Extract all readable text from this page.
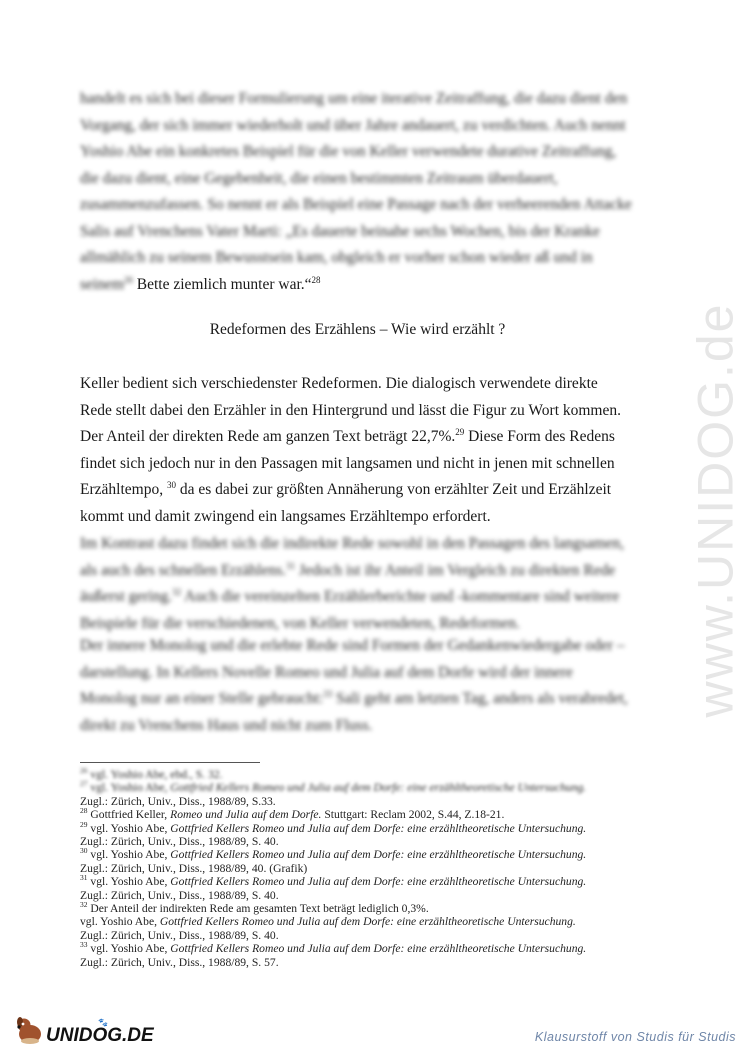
handelt es sich bei dieser Formulierung um eine iterative Zeitraffung, die dazu dient den Vorgang, der sich immer wiederholt und über Jahre andauert, zu verdichten. Auch nennt Yoshio Abe ein konkretes Beispiel für die von Keller verwendete durative Zeitraffung, die dazu dient, eine Gegebenheit, die einen bestimmten Zeitraum überdauert, zusammenzufassen. So nennt er als Beispiel eine Passage nach der verheerenden Attacke Salis auf Vrenchens Vater Marti: „Es dauerte beinahe sechs Wochen, bis der Kranke allmählich zu seinem Bewusstsein kam, obgleich er vorher schon wieder aß und in seinem$^{26}$ Bette ziemlich munter war.“$^{28}$
Redeformen des Erzählens – Wie wird erzählt ?
Keller bedient sich verschiedenster Redeformen. Die dialogisch verwendete direkte Rede stellt dabei den Erzähler in den Hintergrund und lässt die Figur zu Wort kommen. Der Anteil der direkten Rede am ganzen Text beträgt 22,7%.$^{29}$ Diese Form des Redens findet sich jedoch nur in den Passagen mit langsamen und nicht in jenen mit schnellen Erzähltempo, $^{30}$ da es dabei zur größten Annäherung von erzählter Zeit und Erzählzeit kommt und damit zwingend ein langsames Erzähltempo erfordert.
Im Kontrast dazu findet sich die indirekte Rede sowohl in den Passagen des langsamen, als auch des schnellen Erzählens.$^{31}$ Jedoch ist ihr Anteil im Vergleich zu direkten Rede äußerst gering.$^{32}$ Auch die vereinzelten Erzählerberichte und -kommentare sind weitere Beispiele für die verschiedenen, von Keller verwendeten, Redeformen.
Der innere Monolog und die erlebte Rede sind Formen der Gedankenwiedergabe oder –darstellung. In Kellers Novelle Romeo und Julia auf dem Dorfe wird der innere Monolog nur an einer Stelle gebraucht:$^{33}$ Sali geht am letzten Tag, anders als verabredet, direkt zu Vrenchens Haus und nicht zum Fluss.

$^{26}$ vgl. Yoshio Abe, ebd., S. 32.

$^{27}$ vgl. Yoshio Abe, Gottfried Kellers Romeo und Julia auf dem Dorfe: eine erzähltheoretische Untersuchung.
Zugl.: Zürich, Univ., Diss., 1988/89, S.33.

$^{28}$ Gottfried Keller, Romeo und Julia auf dem Dorfe. Stuttgart: Reclam 2002, S.44, Z.18-21.

$^{29}$ vgl. Yoshio Abe, Gottfried Kellers Romeo und Julia auf dem Dorfe: eine erzähltheoretische Untersuchung.
Zugl.: Zürich, Univ., Diss., 1988/89, S. 40.

$^{30}$ vgl. Yoshio Abe, Gottfried Kellers Romeo und Julia auf dem Dorfe: eine erzähltheoretische Untersuchung.
Zugl.: Zürich, Univ., Diss., 1988/89, 40. (Grafik)

$^{31}$ vgl. Yoshio Abe, Gottfried Kellers Romeo und Julia auf dem Dorfe: eine erzähltheoretische Untersuchung.
Zugl.: Zürich, Univ., Diss., 1988/89, S. 40.

$^{32}$ Der Anteil der indirekten Rede am gesamten Text beträgt lediglich 0,3%.
vgl. Yoshio Abe, Gottfried Kellers Romeo und Julia auf dem Dorfe: eine erzähltheoretische Untersuchung.
Zugl.: Zürich, Univ., Diss., 1988/89, S. 40.

$^{33}$ vgl. Yoshio Abe, Gottfried Kellers Romeo und Julia auf dem Dorfe: eine erzähltheoretische Untersuchung.
Zugl.: Zürich, Univ., Diss., 1988/89, S. 57.

www.UNIDOG.de
UNIDOG.DE
🐾
Klausurstoff von Studis für Studis
